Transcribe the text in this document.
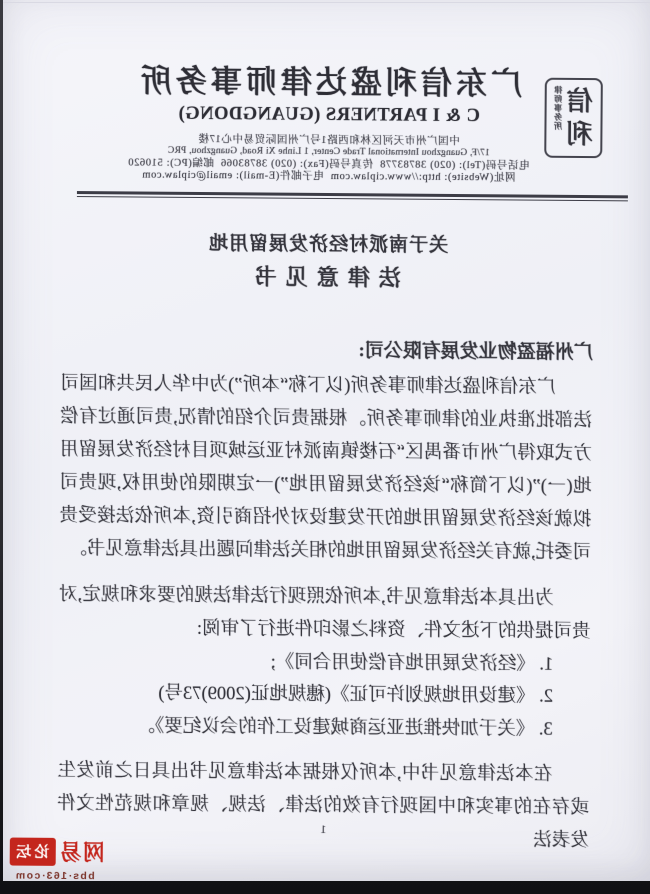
信利
律师事务所
广东信利盛达律师事务所
C & I PARTNERS (GUANGDONG)
中国广州市天河区林和西路1号广州国际贸易中心17楼
17/F, Guangzhou International Trade Center, 1 Linhe Xi Road, Guangzhou, PRC
电话号码(Tel): (020) 38783778  传真号码(Fax): (020) 38783066  邮编(PC): 510620
网址(Website): http://www.ciplaw.com  电子邮件(E-mail): email@ciplaw.com
关于南派村经济发展留用地
法律意见书
广州福盈物业发展有限公司:

广东信利盛达律师事务所(以下称“本所”)为中华人民共和国司法部批准执业的律师事务所。根据贵司介绍的情况,贵司通过有偿方式取得广州市番禺区“石楼镇南派村亚运城项目村经济发展留用地(一)”(以下简称“该经济发展留用地”)一定期限的使用权,现贵司拟就该经济发展留用地的开发建设对外招商引资,本所依法接受贵司委托,就有关经济发展留用地的相关法律问题出具法律意见书。

为出具本法律意见书,本所依照现行法律法规的要求和规定,对贵司提供的下述文件、资料之影印件进行了审阅:

1. 《经济发展用地有偿使用合同》;
2. 《建设用地规划许可证》(穗规地证(2009)73号)
3. 《关于加快推进亚运商城建设工作的会议纪要》。

在本法律意见书中,本所仅根据本法律意见书出具日之前发生或存在的事实和中国现行有效的法律、法规、规章和规范性文件发表法

1
网易
论坛
bbs·163·com
